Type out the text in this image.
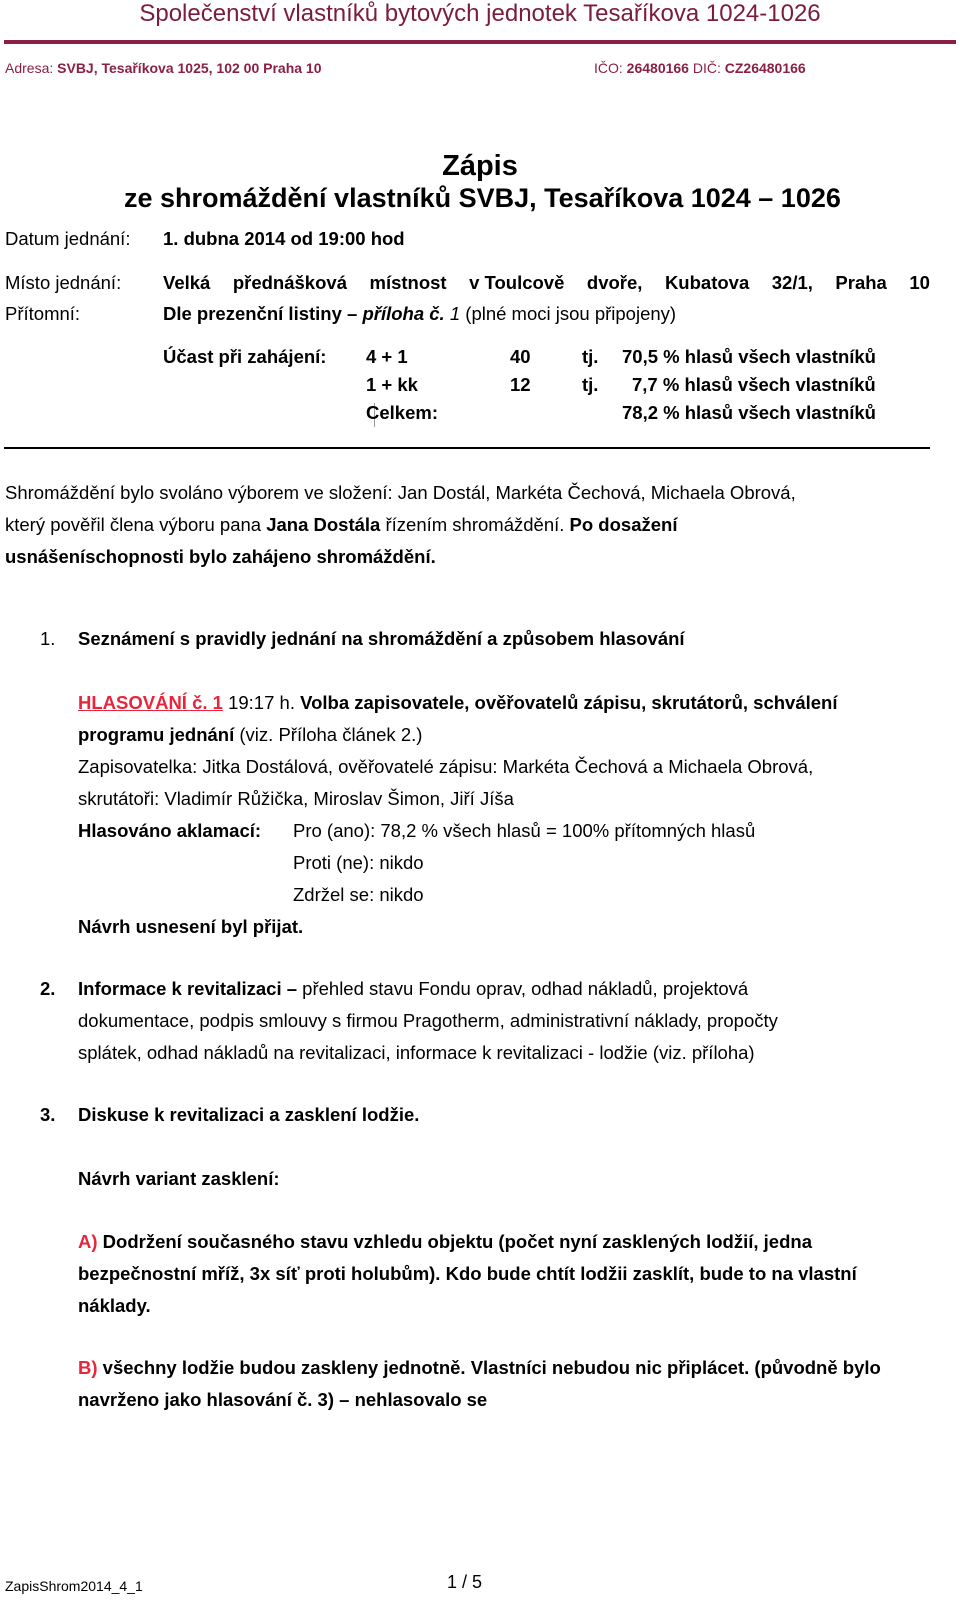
Společenství vlastníků bytových jednotek Tesaříkova 1024-1026
Adresa: SVBJ, Tesaříkova 1025, 102 00 Praha 10	IČO: 26480166 DIČ: CZ26480166
Zápis
ze shromáždění vlastníků SVBJ, Tesaříkova 1024 – 1026
Datum jednání: 1. dubna 2014 od 19:00 hod
Místo jednání: Velká přednášková místnost v Toulcově dvoře, Kubatova 32/1, Praha 10
Přítomní:	Dle prezenční listiny – příloha č. 1 (plné moci jsou připojeny)
Účast při zahájení: 4 + 1	40	tj. 70,5 % hlasů všech vlastníků
1 + kk	12	tj. 7,7 % hlasů všech vlastníků
Celkem:	78,2 % hlasů všech vlastníků
Shromáždění bylo svoláno výborem ve složení: Jan Dostál, Markéta Čechová, Michaela Obrová,
který pověřil člena výboru pana Jana Dostála řízením shromáždění. Po dosažení
usnášeníschopnosti bylo zahájeno shromáždění.
1. Seznámení s pravidly jednání na shromáždění a způsobem hlasování
HLASOVÁNÍ č. 1 19:17 h. Volba zapisovatele, ověřovatelů zápisu, skrutátorů, schválení
programu jednání (viz. Příloha článek 2.)
Zapisovatelka: Jitka Dostálová, ověřovatelé zápisu: Markéta Čechová a Michaela Obrová,
skrutátoři: Vladimír Růžička, Miroslav Šimon, Jiří Jíša
Hlasováno aklamací: Pro (ano): 78,2 % všech hlasů = 100% přítomných hlasů
Proti (ne): nikdo
Zdržel se: nikdo
Návrh usnesení byl přijat.
2. Informace k revitalizaci – přehled stavu Fondu oprav, odhad nákladů, projektová
dokumentace, podpis smlouvy s firmou Pragotherm, administrativní náklady, propočty
splátek, odhad nákladů na revitalizaci, informace k revitalizaci - lodžie (viz. příloha)
3. Diskuse k revitalizaci a zasklení lodžie.
Návrh variant zasklení:
A) Dodržení současného stavu vzhledu objektu (počet nyní zasklených lodžií, jedna
bezpečnostní mříž, 3x síť proti holubům). Kdo bude chtít lodžii zasklít, bude to na vlastní
náklady.
B) všechny lodžie budou zaskleny jednotně. Vlastníci nebudou nic připlácet. (původně bylo
navrženo jako hlasování č. 3) – nehlasovalo se
ZapisShrom2014_4_1	1 / 5
